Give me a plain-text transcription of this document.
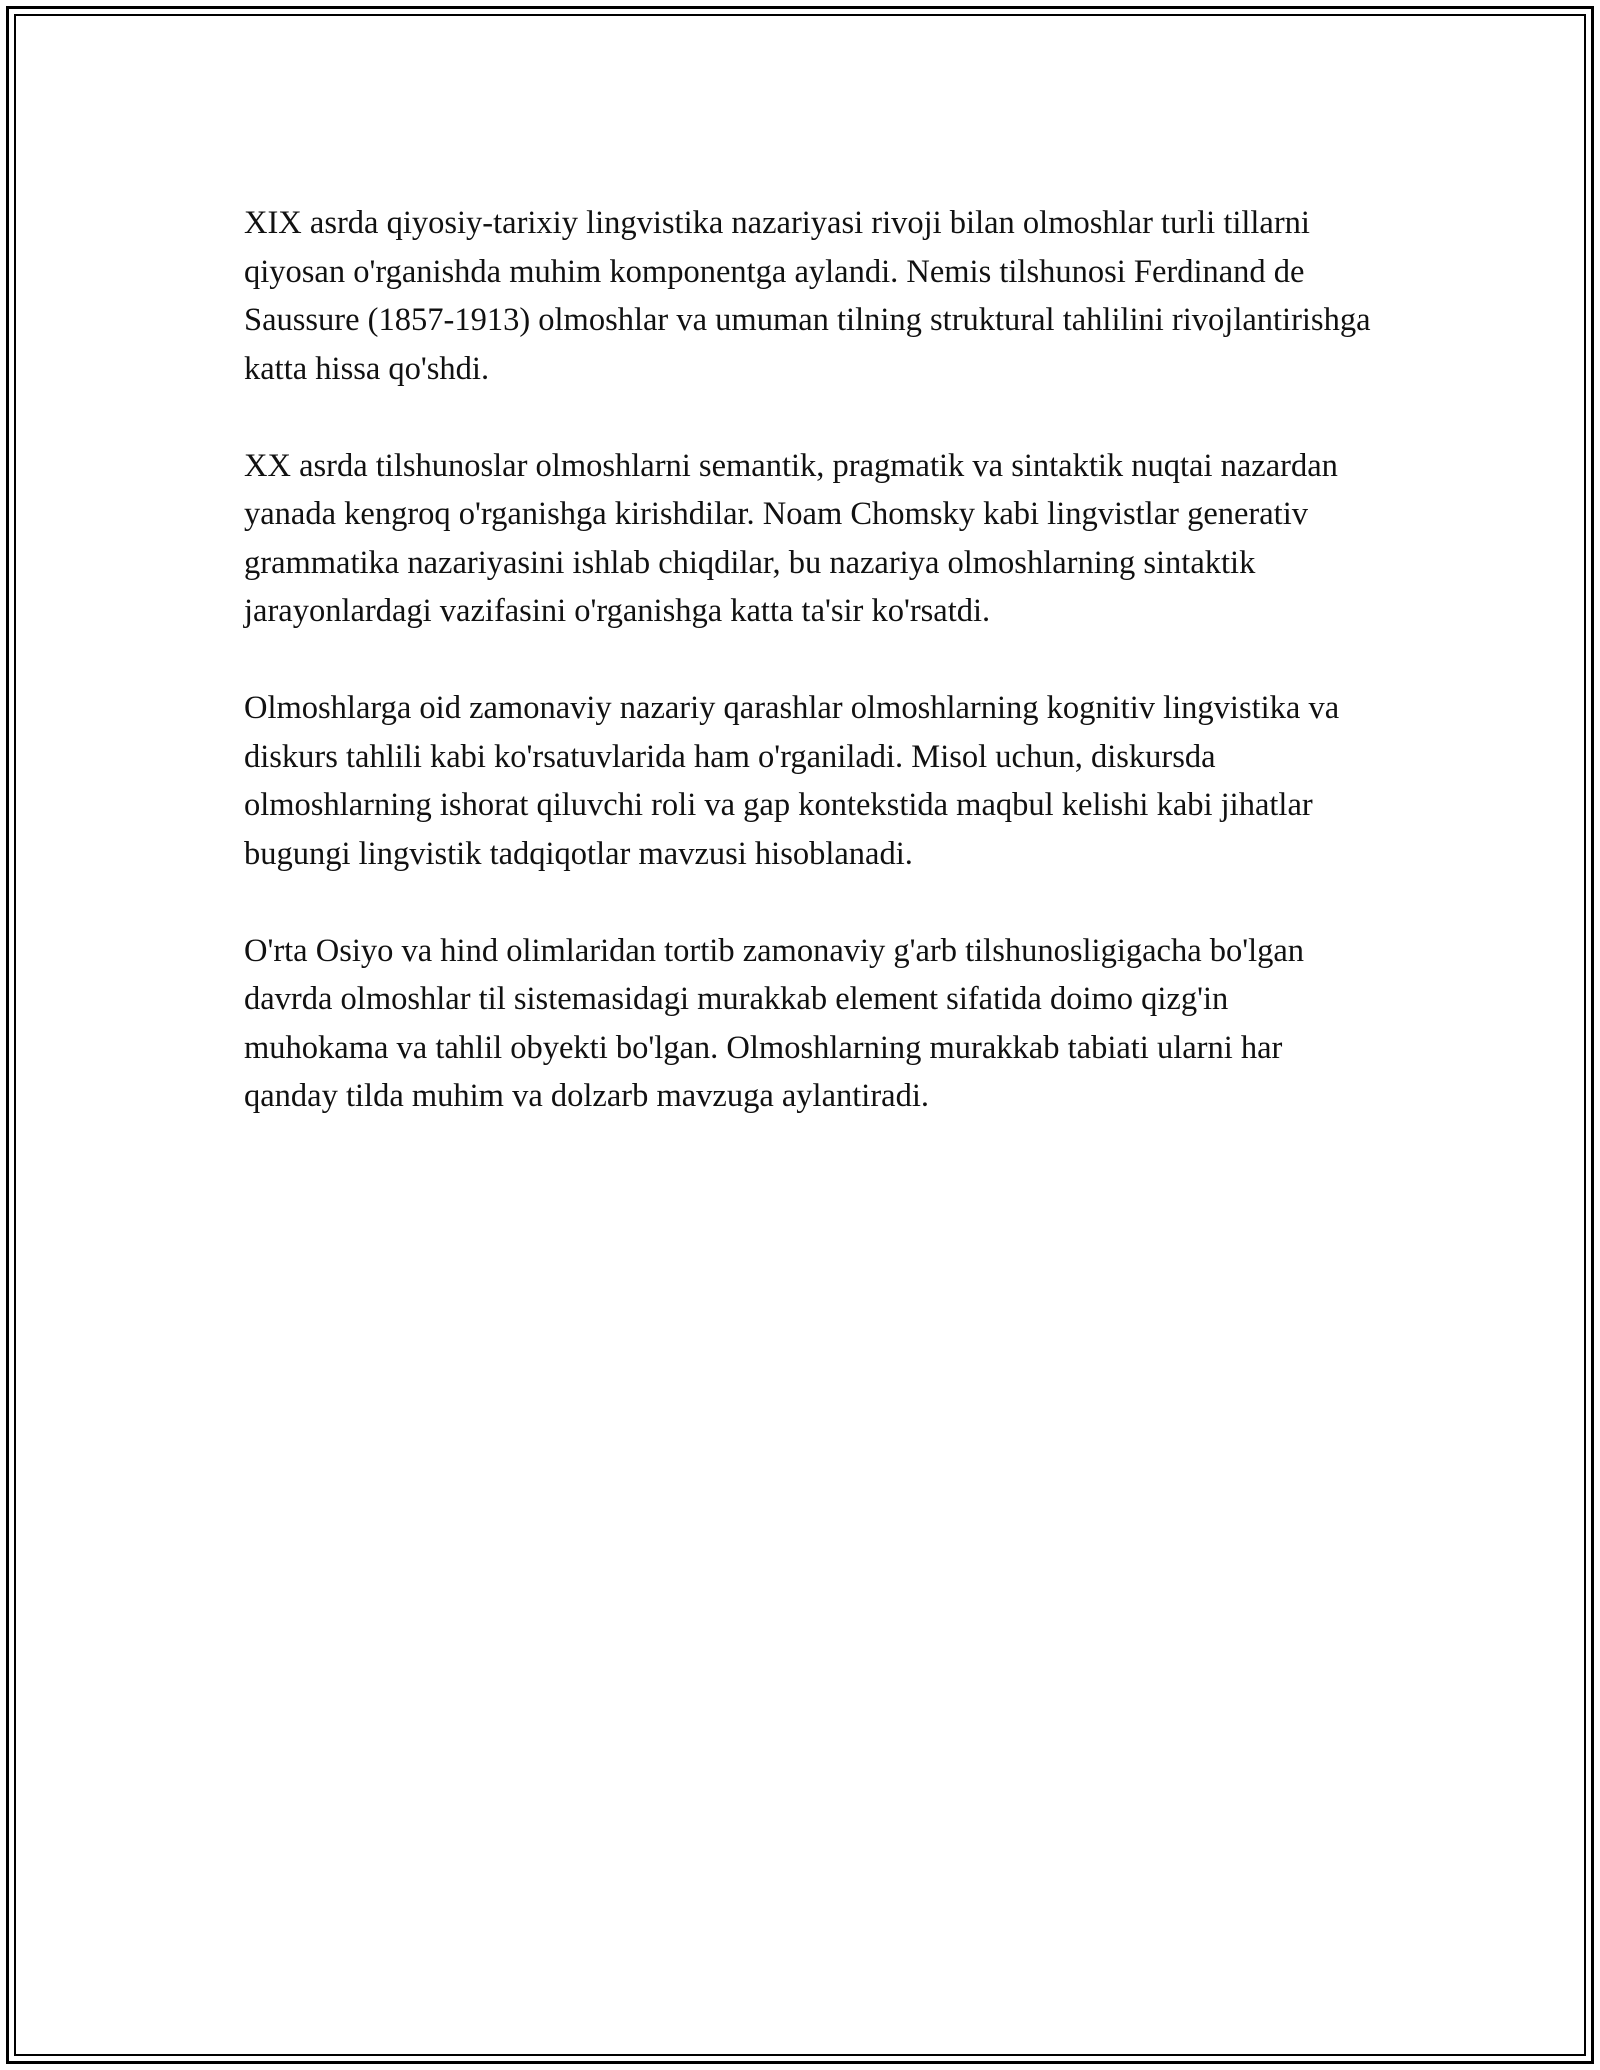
XIX asrda qiyosiy-tarixiy lingvistika nazariyasi rivoji bilan olmoshlar turli tillarni qiyosan o'rganishda muhim komponentga aylandi. Nemis tilshunosi Ferdinand de Saussure (1857-1913) olmoshlar va umuman tilning struktural tahlilini rivojlantirishga katta hissa qo'shdi.

XX asrda tilshunoslar olmoshlarni semantik, pragmatik va sintaktik nuqtai nazardan yanada kengroq o'rganishga kirishdilar. Noam Chomsky kabi lingvistlar generativ grammatika nazariyasini ishlab chiqdilar, bu nazariya olmoshlarning sintaktik jarayonlardagi vazifasini o'rganishga katta ta'sir ko'rsatdi.

Olmoshlarga oid zamonaviy nazariy qarashlar olmoshlarning kognitiv lingvistika va diskurs tahlili kabi ko'rsatuvlarida ham o'rganiladi. Misol uchun, diskursda olmoshlarning ishorat qiluvchi roli va gap kontekstida maqbul kelishi kabi jihatlar bugungi lingvistik tadqiqotlar mavzusi hisoblanadi.

O'rta Osiyo va hind olimlaridan tortib zamonaviy g'arb tilshunosligigacha bo'lgan davrda olmoshlar til sistemasidagi murakkab element sifatida doimo qizg'in muhokama va tahlil obyekti bo'lgan. Olmoshlarning murakkab tabiati ularni har qanday tilda muhim va dolzarb mavzuga aylantiradi.
